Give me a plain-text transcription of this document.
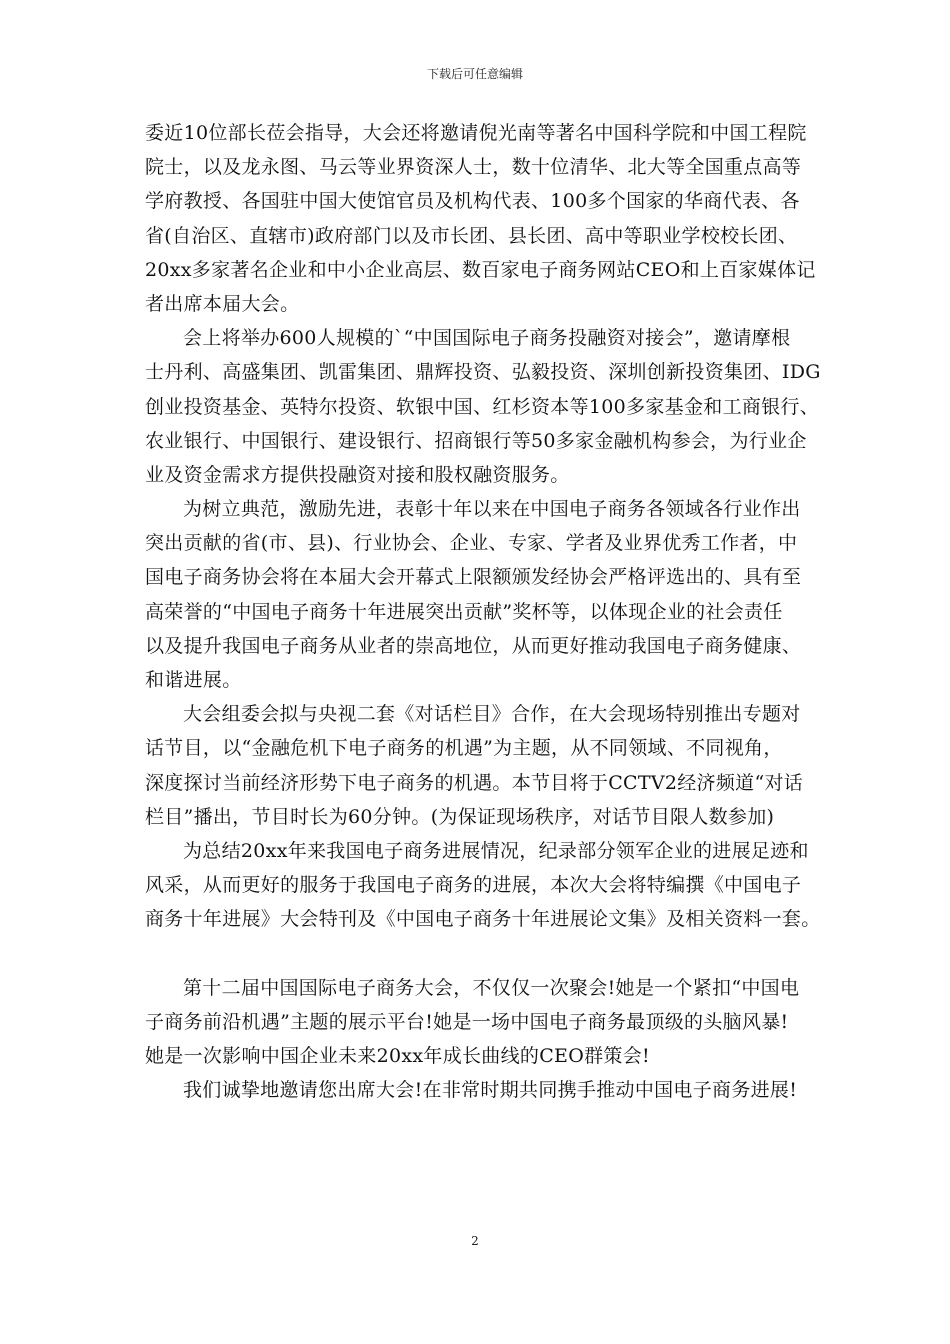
下载后可任意编辑
委近10位部长莅会指导，大会还将邀请倪光南等著名中国科学院和中国工程院
院士，以及龙永图、马云等业界资深人士，数十位清华、北大等全国重点高等
学府教授、各国驻中国大使馆官员及机构代表、100多个国家的华商代表、各
省(自治区、直辖市)政府部门以及市长团、县长团、高中等职业学校校长团、
20xx多家著名企业和中小企业高层、数百家电子商务网站CEO和上百家媒体记
者出席本届大会。
会上将举办600人规模的`“中国国际电子商务投融资对接会”，邀请摩根
士丹利、高盛集团、凯雷集团、鼎辉投资、弘毅投资、深圳创新投资集团、IDG
创业投资基金、英特尔投资、软银中国、红杉资本等100多家基金和工商银行、
农业银行、中国银行、建设银行、招商银行等50多家金融机构参会，为行业企
业及资金需求方提供投融资对接和股权融资服务。
为树立典范，激励先进，表彰十年以来在中国电子商务各领域各行业作出
突出贡献的省(市、县)、行业协会、企业、专家、学者及业界优秀工作者，中
国电子商务协会将在本届大会开幕式上限额颁发经协会严格评选出的、具有至
高荣誉的“中国电子商务十年进展突出贡献”奖杯等，以体现企业的社会责任
以及提升我国电子商务从业者的崇高地位，从而更好推动我国电子商务健康、
和谐进展。
大会组委会拟与央视二套《对话栏目》合作，在大会现场特别推出专题对
话节目，以“金融危机下电子商务的机遇”为主题，从不同领域、不同视角，
深度探讨当前经济形势下电子商务的机遇。本节目将于CCTV2经济频道“对话
栏目”播出，节目时长为60分钟。(为保证现场秩序，对话节目限人数参加)
为总结20xx年来我国电子商务进展情况，纪录部分领军企业的进展足迹和
风采，从而更好的服务于我国电子商务的进展，本次大会将特编撰《中国电子
商务十年进展》大会特刊及《中国电子商务十年进展论文集》及相关资料一套。
第十二届中国国际电子商务大会，不仅仅一次聚会!她是一个紧扣“中国电
子商务前沿机遇”主题的展示平台!她是一场中国电子商务最顶级的头脑风暴!
她是一次影响中国企业未来20xx年成长曲线的CEO群策会!
我们诚挚地邀请您出席大会!在非常时期共同携手推动中国电子商务进展!
2
